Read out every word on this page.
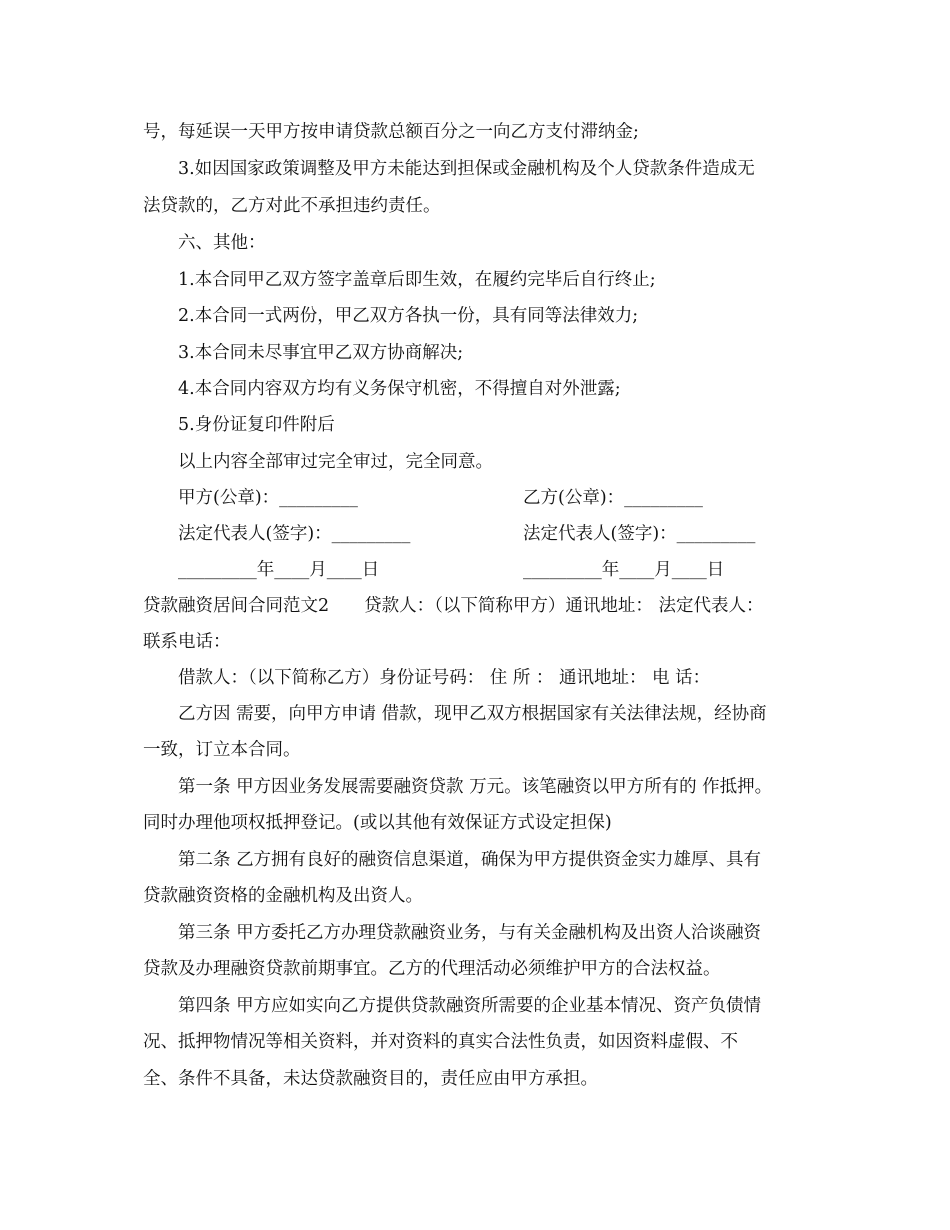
号，每延误一天甲方按申请贷款总额百分之一向乙方支付滞纳金;
3.如因国家政策调整及甲方未能达到担保或金融机构及个人贷款条件造成无
法贷款的，乙方对此不承担违约责任。
六、其他：
1.本合同甲乙双方签字盖章后即生效，在履约完毕后自行终止;
2.本合同一式两份，甲乙双方各执一份，具有同等法律效力;
3.本合同未尽事宜甲乙双方协商解决;
4.本合同内容双方均有义务保守机密，不得擅自对外泄露;
5.身份证复印件附后
以上内容全部审过完全审过，完全同意。
甲方(公章)：_________	乙方(公章)：_________
法定代表人(签字)：_________	法定代表人(签字)：_________
_________年____月____日	_________年____月____日
贷款融资居间合同范文2　　贷款人：（以下简称甲方）通讯地址： 法定代表人：
联系电话：
借款人：（以下简称乙方）身份证号码： 住 所 ： 通讯地址： 电 话：
乙方因 需要，向甲方申请 借款，现甲乙双方根据国家有关法律法规，经协商
一致，订立本合同。
第一条 甲方因业务发展需要融资贷款 万元。该笔融资以甲方所有的 作抵押。
同时办理他项权抵押登记。(或以其他有效保证方式设定担保)
第二条 乙方拥有良好的融资信息渠道，确保为甲方提供资金实力雄厚、具有
贷款融资资格的金融机构及出资人。
第三条 甲方委托乙方办理贷款融资业务，与有关金融机构及出资人洽谈融资
贷款及办理融资贷款前期事宜。乙方的代理活动必须维护甲方的合法权益。
第四条 甲方应如实向乙方提供贷款融资所需要的企业基本情况、资产负债情
况、抵押物情况等相关资料，并对资料的真实合法性负责，如因资料虚假、不
全、条件不具备，未达贷款融资目的，责任应由甲方承担。
